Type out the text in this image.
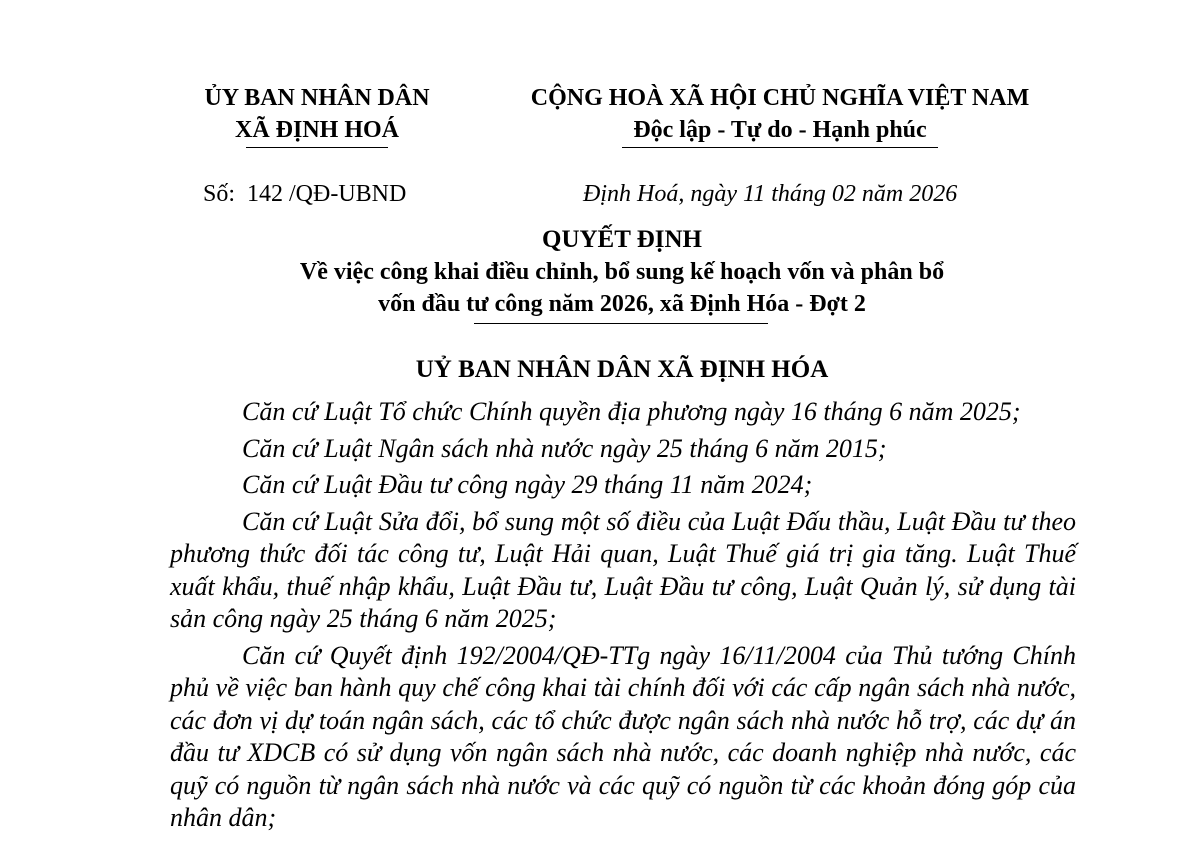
ỦY BAN NHÂN DÂN
XÃ ĐỊNH HOÁ
CỘNG HOÀ XÃ HỘI CHỦ NGHĨA VIỆT NAM
Độc lập - Tự do - Hạnh phúc
Số:  142 /QĐ-UBND	Định Hoá, ngày 11 tháng 02 năm 2026
QUYẾT ĐỊNH
Về việc công khai điều chỉnh, bổ sung kế hoạch vốn và phân bổ
vốn đầu tư công năm 2026, xã Định Hóa - Đợt 2
UỶ BAN NHÂN DÂN XÃ ĐỊNH HÓA

Căn cứ Luật Tổ chức Chính quyền địa phương ngày 16 tháng 6 năm 2025;

Căn cứ Luật Ngân sách nhà nước ngày 25 tháng 6 năm 2015;

Căn cứ Luật Đầu tư công ngày 29 tháng 11 năm 2024;

Căn cứ Luật Sửa đổi, bổ sung một số điều của Luật Đấu thầu, Luật Đầu tư theo phương thức đối tác công tư, Luật Hải quan, Luật Thuế giá trị gia tăng. Luật Thuế xuất khẩu, thuế nhập khẩu, Luật Đầu tư, Luật Đầu tư công, Luật Quản lý, sử dụng tài sản công ngày 25 tháng 6 năm 2025;

Căn cứ Quyết định 192/2004/QĐ-TTg ngày 16/11/2004 của Thủ tướng Chính phủ về việc ban hành quy chế công khai tài chính đối với các cấp ngân sách nhà nước, các đơn vị dự toán ngân sách, các tổ chức được ngân sách nhà nước hỗ trợ, các dự án đầu tư XDCB có sử dụng vốn ngân sách nhà nước, các doanh nghiệp nhà nước, các quỹ có nguồn từ ngân sách nhà nước và các quỹ có nguồn từ các khoản đóng góp của nhân dân;
